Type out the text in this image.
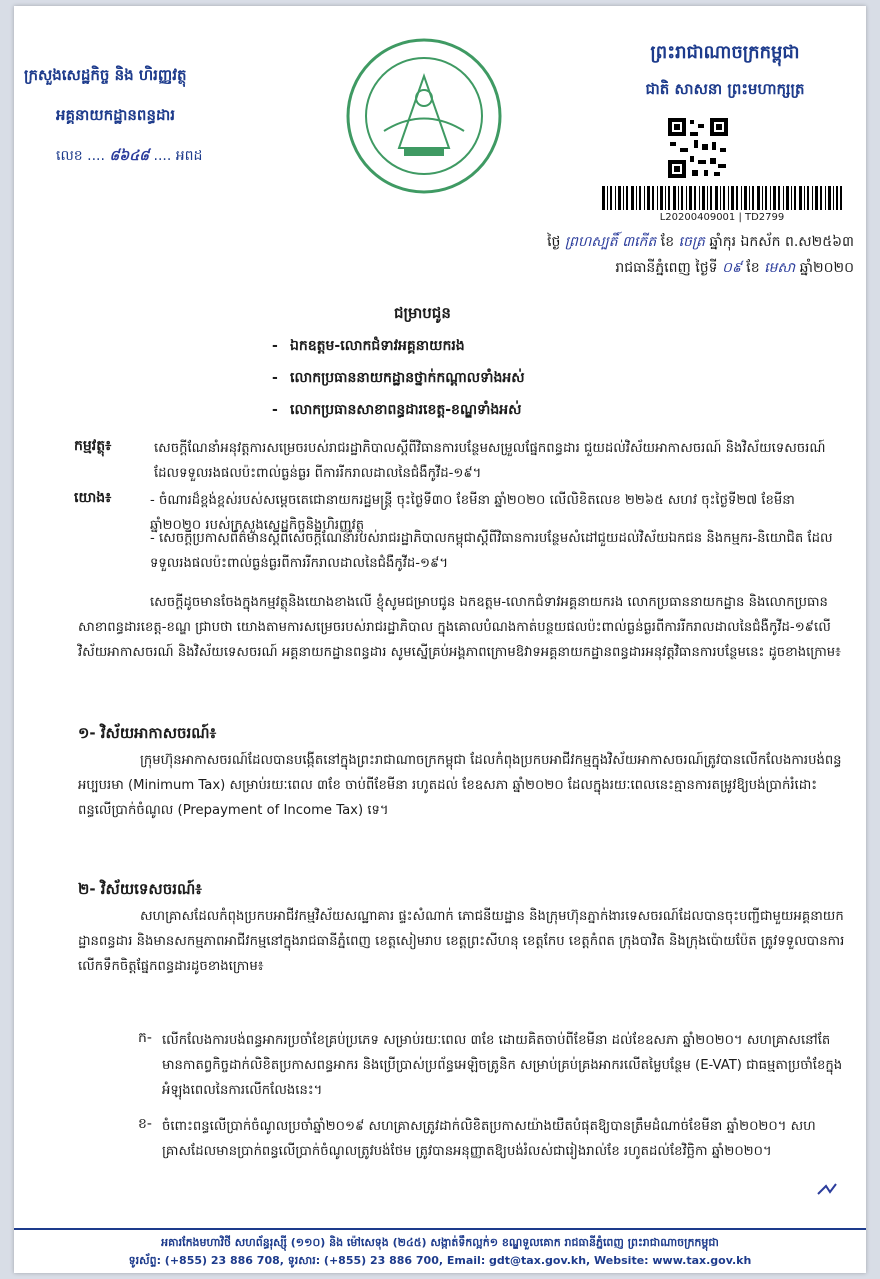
ក្រសួងសេដ្ឋកិច្ច និង ហិរញ្ញវត្ថុ
អគ្គនាយកដ្ឋានពន្ធដារ
លេខ .... ៨៦៤៨ .... អពដ
ព្រះរាជាណាចក្រកម្ពុជា
ជាតិ សាសនា ព្រះមហាក្សត្រ
L20200409001 | TD2799
ថ្ងៃ ព្រហស្បតិ៍ ៣កើត ខែ ចេត្រ ឆ្នាំកុរ ឯកស័ក ព.ស២៥៦៣
រាជធានីភ្នំពេញ ថ្ងៃទី ០៩ ខែ មេសា ឆ្នាំ២០២០
ជម្រាបជូន
- ឯកឧត្តម-លោកជំទាវអគ្គនាយករង
- លោកប្រធាននាយកដ្ឋានថ្នាក់កណ្តាលទាំងអស់
- លោកប្រធានសាខាពន្ធដារខេត្ត-ខណ្ឌទាំងអស់
កម្មវត្ថុ៖	សេចក្តីណែនាំអនុវត្តការសម្រេចរបស់រាជរដ្ឋាភិបាលស្តីពីវិធានការបន្ថែមសម្រួលផ្នែកពន្ធដារ ជួយដល់វិស័យអាកាសចរណ៍ និងវិស័យទេសចរណ៍ដែលទទួលរងផលប៉ះពាល់ធ្ងន់ធ្ងរ ពីការរីករាលដាលនៃជំងឺកូវីដ-១៩។
យោង៖	- ចំណារដ៏ខ្ពង់ខ្ពស់របស់សម្តេចតេជោនាយករដ្ឋមន្ត្រី ចុះថ្ងៃទី៣០ ខែមីនា ឆ្នាំ២០២០ លើលិខិតលេខ ២២៦៥ សហវ ចុះថ្ងៃទី២៧ ខែមីនា ឆ្នាំ២០២០ របស់ក្រសួងសេដ្ឋកិច្ចនិងហិរញ្ញវត្ថុ
- សេចក្តីប្រកាសព័ត៌មានស្តីពីសេចក្តីណែនាំរបស់រាជរដ្ឋាភិបាលកម្ពុជាស្តីពីវិធានការបន្ថែមសំដៅជួយដល់វិស័យឯកជន និងកម្មករ-និយោជិត ដែលទទួលរងផលប៉ះពាល់ធ្ងន់ធ្ងរពីការរីករាលដាលនៃជំងឺកូវីដ-១៩។
សេចក្តីដូចមានចែងក្នុងកម្មវត្ថុនិងយោងខាងលើ ខ្ញុំសូមជម្រាបជូន ឯកឧត្តម-លោកជំទាវអគ្គនាយករង លោកប្រធាននាយកដ្ឋាន និងលោកប្រធានសាខាពន្ធដារខេត្ត-ខណ្ឌ ជ្រាបថា យោងតាមការសម្រេចរបស់រាជរដ្ឋាភិបាល ក្នុងគោលបំណងកាត់បន្ថយផលប៉ះពាល់ធ្ងន់ធ្ងរពីការរីករាលដាលនៃជំងឺកូវីដ-១៩លើវិស័យអាកាសចរណ៍ និងវិស័យទេសចរណ៍ អគ្គនាយកដ្ឋានពន្ធដារ សូមស្នើគ្រប់អង្គភាពក្រោមឱវាទអគ្គនាយកដ្ឋានពន្ធដារអនុវត្តវិធានការបន្ថែមនេះ ដូចខាងក្រោម៖
១- វិស័យអាកាសចរណ៍៖
ក្រុមហ៊ុនអាកាសចរណ៍ដែលបានបង្កើតនៅក្នុងព្រះរាជាណាចក្រកម្ពុជា ដែលកំពុងប្រកបអាជីវកម្មក្នុងវិស័យអាកាសចរណ៍ត្រូវបានលើកលែងការបង់ពន្ធអប្បបរមា (Minimum Tax) សម្រាប់រយៈពេល ៣ខែ ចាប់ពីខែមីនា រហូតដល់ ខែឧសភា ឆ្នាំ២០២០ ដែលក្នុងរយៈពេលនេះគ្មានការតម្រូវឱ្យបង់ប្រាក់រំដោះពន្ធលើប្រាក់ចំណូល (Prepayment of Income Tax) ទេ។
២- វិស័យទេសចរណ៍៖
សហគ្រាសដែលកំពុងប្រកបអាជីវកម្មវិស័យសណ្ឋាគារ ផ្ទះសំណាក់ ភោជនីយដ្ឋាន និងក្រុមហ៊ុនភ្នាក់ងារទេសចរណ៍ដែលបានចុះបញ្ជីជាមួយអគ្គនាយកដ្ឋានពន្ធដារ និងមានសកម្មភាពអាជីវកម្មនៅក្នុងរាជធានីភ្នំពេញ ខេត្តសៀមរាប ខេត្តព្រះសីហនុ ខេត្តកែប ខេត្តកំពត ក្រុងបាវិត និងក្រុងប៉ោយប៉ែត ត្រូវទទួលបានការលើកទឹកចិត្តផ្នែកពន្ធដារដូចខាងក្រោម៖
ក- លើកលែងការបង់ពន្ធអាករប្រចាំខែគ្រប់ប្រភេទ សម្រាប់រយៈពេល ៣ខែ ដោយគិតចាប់ពីខែមីនា ដល់ខែឧសភា ឆ្នាំ២០២០។ សហគ្រាសនៅតែមានកាតព្វកិច្ចដាក់លិខិតប្រកាសពន្ធអាករ និងប្រើប្រាស់ប្រព័ន្ធអេឡិចត្រូនិក សម្រាប់គ្រប់គ្រងអាករលើតម្លៃបន្ថែម (E-VAT) ជាធម្មតាប្រចាំខែក្នុងអំឡុងពេលនៃការលើកលែងនេះ។
ខ- ចំពោះពន្ធលើប្រាក់ចំណូលប្រចាំឆ្នាំ២០១៩ សហគ្រាសត្រូវដាក់លិខិតប្រកាសយ៉ាងយឺតបំផុតឱ្យបានត្រឹមដំណាច់ខែមីនា ឆ្នាំ២០២០។ សហគ្រាសដែលមានប្រាក់ពន្ធលើប្រាក់ចំណូលត្រូវបង់ថែម ត្រូវបានអនុញ្ញាតឱ្យបង់រំលស់ជារៀងរាល់ខែ រហូតដល់ខែវិច្ឆិកា ឆ្នាំ២០២០។
អគារកែងមហាវិថី សហព័ន្ធរុស្ស៊ី (១១០) និង ម៉ៅសេទុង (២៤៥) សង្កាត់ទឹកល្អក់១ ខណ្ឌទួលគោក រាជធានីភ្នំពេញ ព្រះរាជាណាចក្រកម្ពុជា
ទូរស័ព្ទ: (+855) 23 886 708, ទូរសារ: (+855) 23 886 700, Email: gdt@tax.gov.kh, Website: www.tax.gov.kh
